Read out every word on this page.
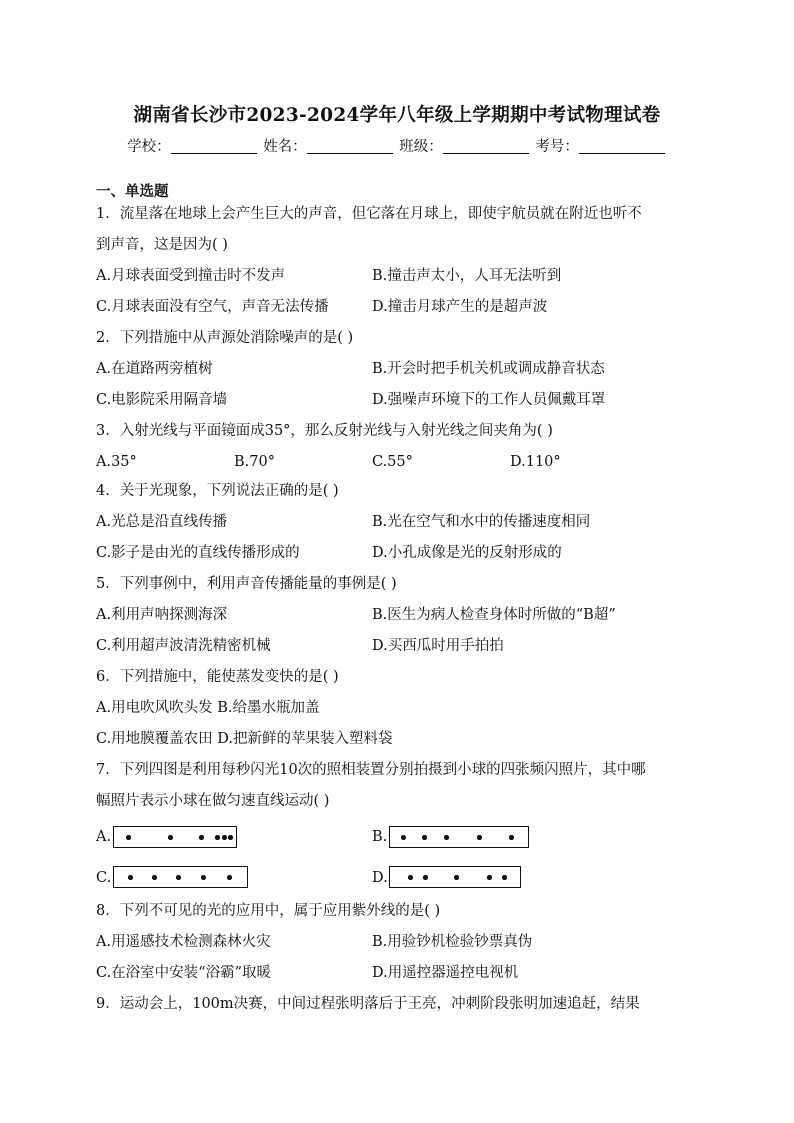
湖南省长沙市2023-2024学年八年级上学期期中考试物理试卷
学校：	姓名：	班级：	考号：
一、单选题
1．流星落在地球上会产生巨大的声音，但它落在月球上，即使宇航员就在附近也听不
到声音，这是因为( )
A.月球表面受到撞击时不发声	B.撞击声太小，人耳无法听到
C.月球表面没有空气，声音无法传播	D.撞击月球产生的是超声波
2．下列措施中从声源处消除噪声的是( )
A.在道路两旁植树	B.开会时把手机关机或调成静音状态
C.电影院采用隔音墙	D.强噪声环境下的工作人员佩戴耳罩
3．入射光线与平面镜面成35°，那么反射光线与入射光线之间夹角为( )
A.35°	B.70°	C.55°	D.110°
4．关于光现象，下列说法正确的是( )
A.光总是沿直线传播	B.光在空气和水中的传播速度相同
C.影子是由光的直线传播形成的	D.小孔成像是光的反射形成的
5．下列事例中，利用声音传播能量的事例是( )
A.利用声呐探测海深	B.医生为病人检查身体时所做的“B超”
C.利用超声波清洗精密机械	D.买西瓜时用手拍拍
6．下列措施中，能使蒸发变快的是( )
A.用电吹风吹头发 B.给墨水瓶加盖
C.用地膜覆盖农田 D.把新鲜的苹果装入塑料袋
7．下列四图是利用每秒闪光10次的照相装置分别拍摄到小球的四张频闪照片，其中哪
幅照片表示小球在做匀速直线运动( )
A.	B.
C.	D.
8．下列不可见的光的应用中，属于应用紫外线的是( )
A.用遥感技术检测森林火灾	B.用验钞机检验钞票真伪
C.在浴室中安装“浴霸”取暖	D.用遥控器遥控电视机
9．运动会上，100m决赛，中间过程张明落后于王亮，冲刺阶段张明加速追赶，结果
